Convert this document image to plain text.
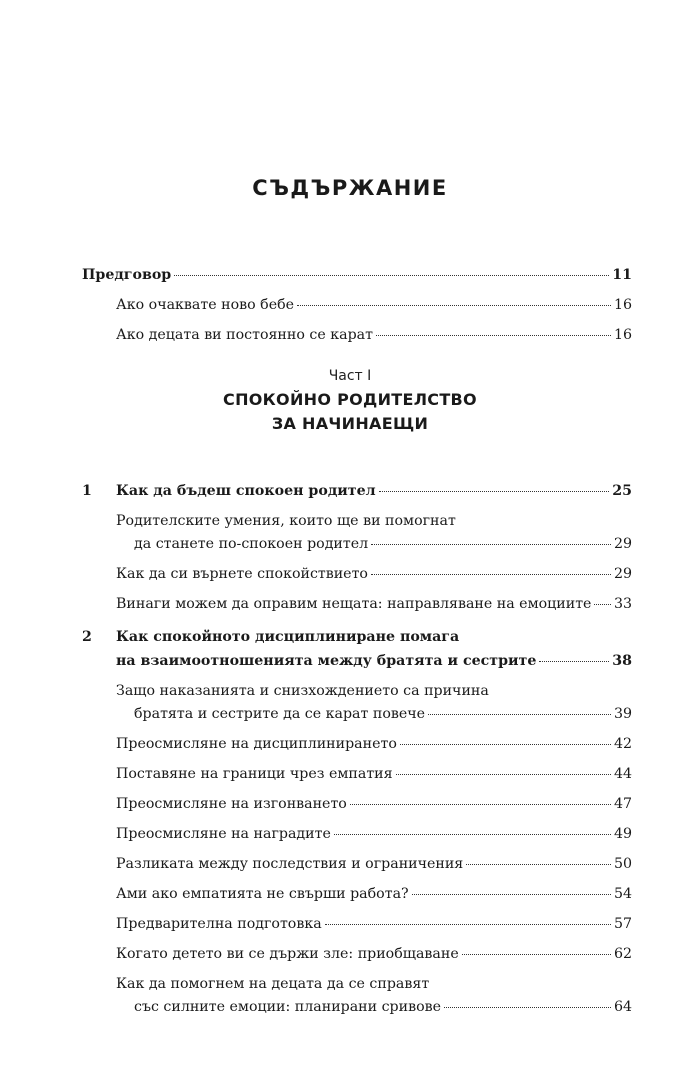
СЪДЪРЖАНИЕ
Предговор	11
Ако очаквате ново бебе	16
Ако децата ви постоянно се карат	16
Част I
СПОКОЙНО РОДИТЕЛСТВО
ЗА НАЧИНАЕЩИ
1 Как да бъдеш спокоен родител	25
Родителските умения, които ще ви помогнат
да станете по-спокоен родител	29
Как да си върнете спокойствието	29
Винаги можем да оправим нещата: направляване на емоциите 33
2 Как спокойното дисциплиниране помага
на взаимоотношенията между братята и сестрите	38
Защо наказанията и снизхождението са причина
братята и сестрите да се карат повече	39
Преосмисляне на дисциплинирането	42
Поставяне на граници чрез емпатия	44
Преосмисляне на изгонването	47
Преосмисляне на наградите	49
Разликата между последствия и ограничения	50
Ами ако емпатията не свърши работа?	54
Предварителна подготовка	57
Когато детето ви се държи зле: приобщаване	62
Как да помогнем на децата да се справят
със силните емоции: планирани сривове	64
